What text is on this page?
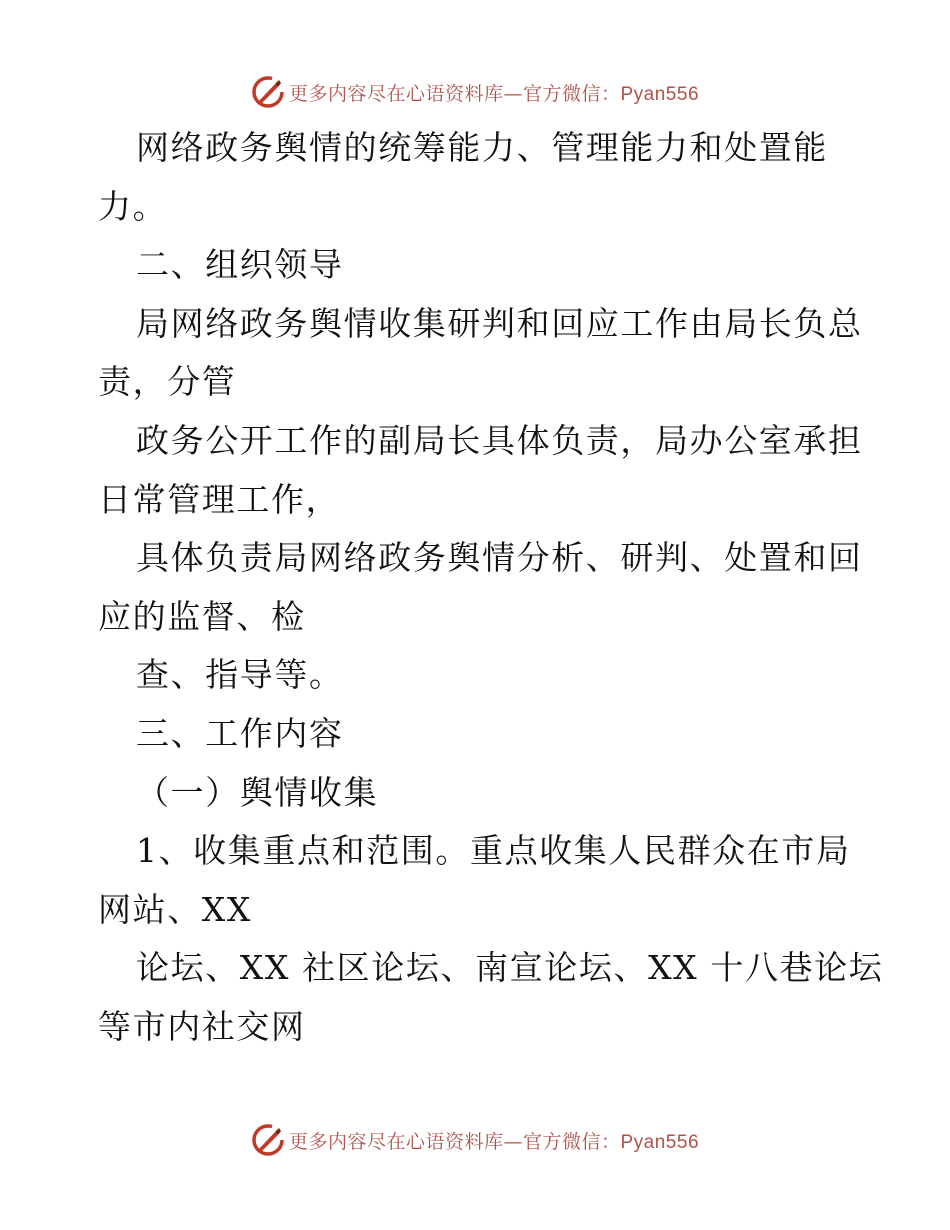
更多内容尽在心语资料库—官方微信：Pyan556
网络政务舆情的统筹能力、管理能力和处置能
力。
二、组织领导
局网络政务舆情收集研判和回应工作由局长负总
责，分管
政务公开工作的副局长具体负责，局办公室承担
日常管理工作，
具体负责局网络政务舆情分析、研判、处置和回
应的监督、检
查、指导等。
三、工作内容
（一）舆情收集
1、收集重点和范围。重点收集人民群众在市局
网站、XX
论坛、XX 社区论坛、南宣论坛、XX 十八巷论坛
等市内社交网
更多内容尽在心语资料库—官方微信：Pyan556
